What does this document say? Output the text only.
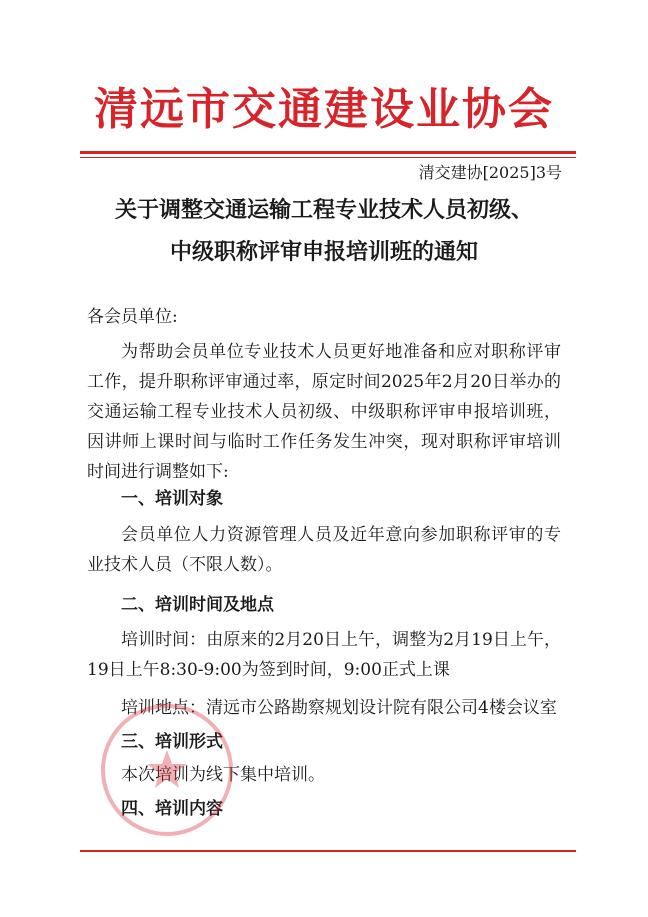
清远市交通建设业协会
清交建协[2025]3号
关于调整交通运输工程专业技术人员初级、
中级职称评审申报培训班的通知

各会员单位:

为帮助会员单位专业技术人员更好地准备和应对职称评审工作，提升职称评审通过率，原定时间2025年2月20日举办的交通运输工程专业技术人员初级、中级职称评审申报培训班，因讲师上课时间与临时工作任务发生冲突，现对职称评审培训时间进行调整如下:

一、培训对象

会员单位人力资源管理人员及近年意向参加职称评审的专业技术人员（不限人数）。

二、培训时间及地点

培训时间：由原来的2月20日上午，调整为2月19日上午，19日上午8:30-9:00为签到时间，9:00正式上课

培训地点：清远市公路勘察规划设计院有限公司4楼会议室

三、培训形式

本次培训为线下集中培训。

四、培训内容
